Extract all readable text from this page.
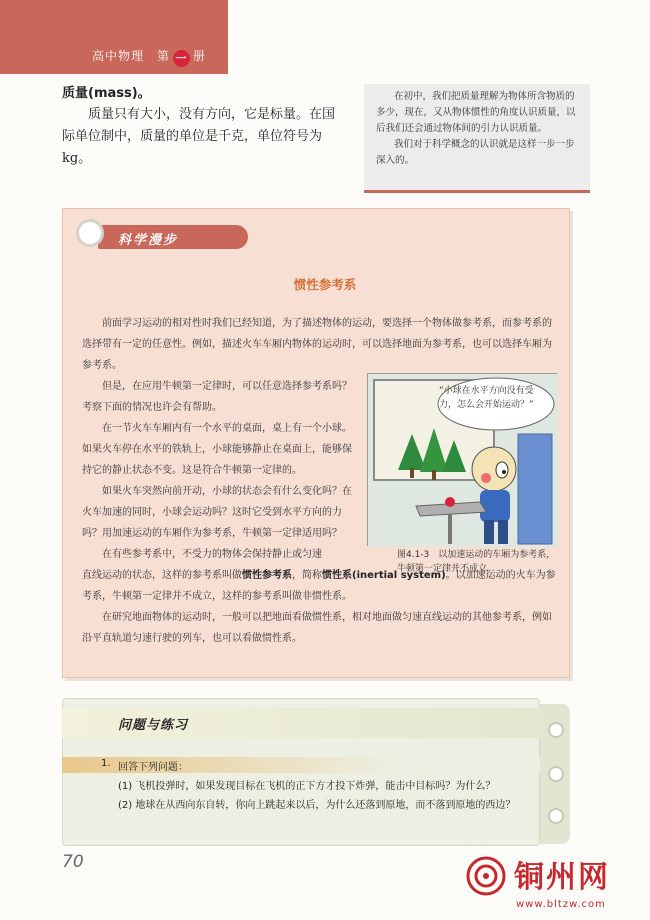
高中物理　 第 一 册
质量(mass)。
质量只有大小，没有方向，它是标量。在国际单位制中，质量的单位是千克，单位符号为kg。

在初中，我们把质量理解为物体所含物质的多少，现在，又从物体惯性的角度认识质量，以后我们还会通过物体间的引力认识质量。

我们对于科学概念的认识就是这样一步一步深入的。

科学漫步
惯性参考系
前面学习运动的相对性时我们已经知道，为了描述物体的运动，要选择一个物体做参考系，而参考系的选择带有一定的任意性。例如，描述火车车厢内物体的运动时，可以选择地面为参考系，也可以选择车厢为参考系。
但是，在应用牛顿第一定律时，可以任意选择参考系吗？考察下面的情况也许会有帮助。
在一节火车车厢内有一个水平的桌面，桌上有一个小球。如果火车停在水平的铁轨上，小球能够静止在桌面上，能够保持它的静止状态不变。这是符合牛顿第一定律的。
如果火车突然向前开动，小球的状态会有什么变化吗？在火车加速的同时，小球会运动吗？这时它受到水平方向的力吗？用加速运动的车厢作为参考系，牛顿第一定律适用吗？
在有些参考系中，不受力的物体会保持静止或匀速
直线运动的状态，这样的参考系叫做惯性参考系，简称惯性系(inertial system)。以加速运动的火车为参考系，牛顿第一定律并不成立，这样的参考系叫做非惯性系。
在研究地面物体的运动时，一般可以把地面看做惯性系，相对地面做匀速直线运动的其他参考系，例如沿平直轨道匀速行驶的列车，也可以看做惯性系。
“小球在水平方向没有受力，怎么会开始运动？”
图4.1-3　以加速运动的车厢为参考系，牛顿第一定律并不成立。
问题与练习
1. 回答下列问题：
(1) 飞机投弹时，如果发现目标在飞机的正下方才投下炸弹，能击中目标吗？为什么？
(2) 地球在从西向东自转，你向上跳起来以后，为什么还落到原地，而不落到原地的西边？
70	铜州网
www.bltzw.com
